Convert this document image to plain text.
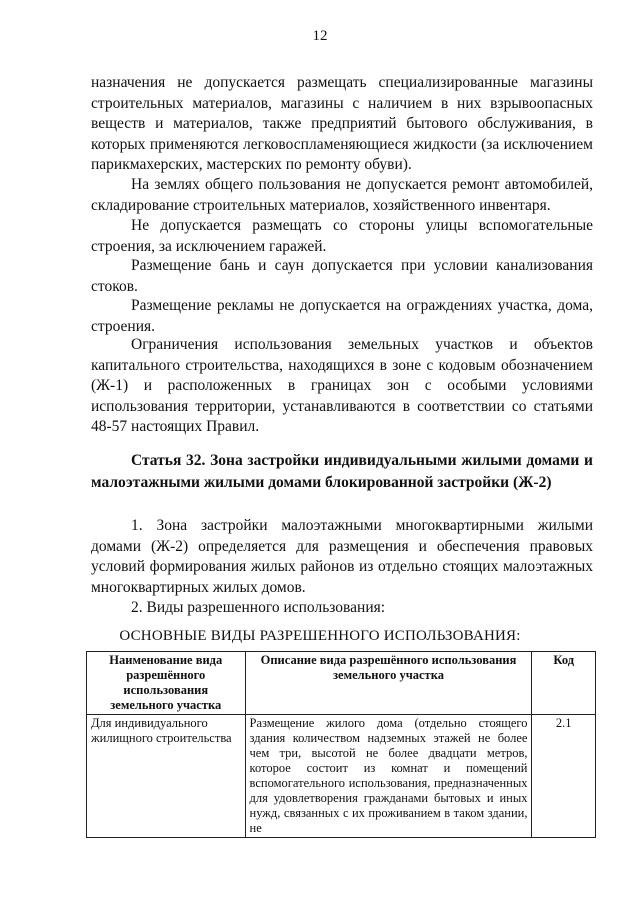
12

назначения не допускается размещать специализированные магазины строительных материалов, магазины с наличием в них взрывоопасных веществ и материалов, также предприятий бытового обслуживания, в которых применяются легковоспламеняющиеся жидкости (за исключением парикмахерских, мастерских по ремонту обуви).

На землях общего пользования не допускается ремонт автомобилей, складирование строительных материалов, хозяйственного инвентаря.

Не допускается размещать со стороны улицы вспомогательные строения, за исключением гаражей.

Размещение бань и саун допускается при условии канализования стоков.

Размещение рекламы не допускается на ограждениях участка, дома, строения.

Ограничения использования земельных участков и объектов капитального строительства, находящихся в зоне с кодовым обозначением (Ж-1) и расположенных в границах зон с особыми условиями использования территории, устанавливаются в соответствии со статьями 48-57 настоящих Правил.

Статья 32. Зона застройки индивидуальными жилыми домами и малоэтажными жилыми домами блокированной застройки (Ж-2)

1. Зона застройки малоэтажными многоквартирными жилыми домами (Ж-2) определяется для размещения и обеспечения правовых условий формирования жилых районов из отдельно стоящих малоэтажных многоквартирных жилых домов.

2. Виды разрешенного использования:

ОСНОВНЫЕ ВИДЫ РАЗРЕШЕННОГО ИСПОЛЬЗОВАНИЯ:
Наименование вида разрешённого использования земельного участка	Описание вида разрешённого использования земельного участка	Код
Для индивидуального жилищного строительства	Размещение жилого дома (отдельно стоящего здания количеством надземных этажей не более чем три, высотой не более двадцати метров, которое состоит из комнат и помещений вспомогательного использования, предназначенных для удовлетворения гражданами бытовых и иных нужд, связанных с их проживанием в таком здании, не	2.1
